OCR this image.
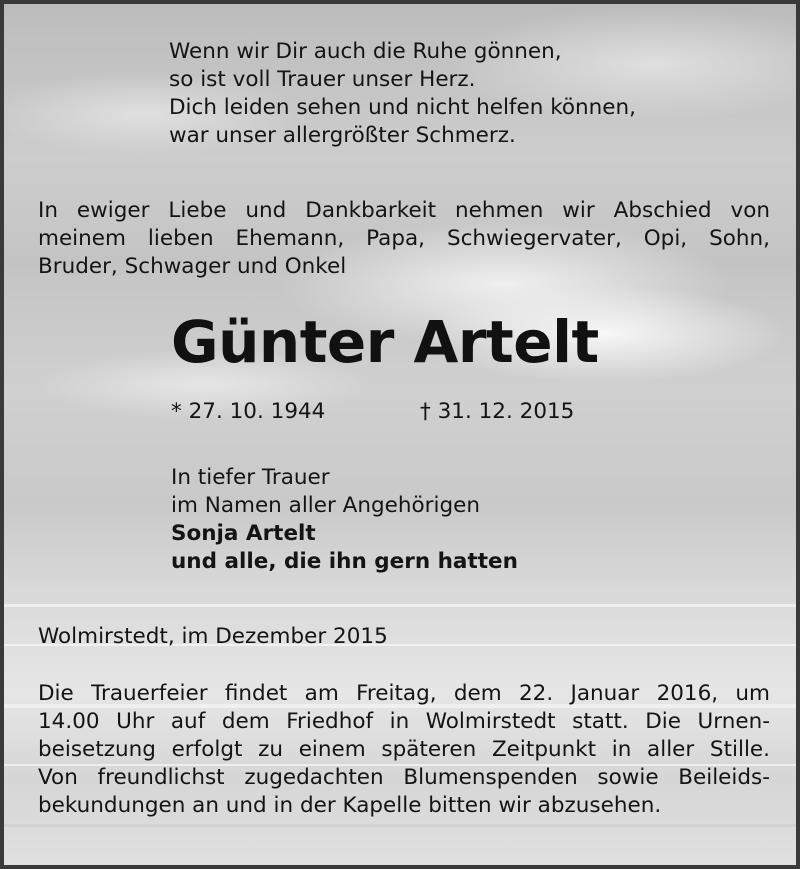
Wenn wir Dir auch die Ruhe gönnen,
so ist voll Trauer unser Herz.
Dich leiden sehen und nicht helfen können,
war unser allergrößter Schmerz.
In ewiger Liebe und Dankbarkeit nehmen wir Abschied von
meinem lieben Ehemann, Papa, Schwiegervater, Opi, Sohn,
Bruder, Schwager und Onkel
Günter Artelt
* 27. 10. 1944	† 31. 12. 2015
In tiefer Trauer
im Namen aller Angehörigen
Sonja Artelt
und alle, die ihn gern hatten
Wolmirstedt, im Dezember 2015
Die Trauerfeier findet am Freitag, dem 22. Januar 2016, um
14.00 Uhr auf dem Friedhof in Wolmirstedt statt. Die Urnen-
beisetzung erfolgt zu einem späteren Zeitpunkt in aller Stille.
Von freundlichst zugedachten Blumenspenden sowie Beileids-
bekundungen an und in der Kapelle bitten wir abzusehen.
